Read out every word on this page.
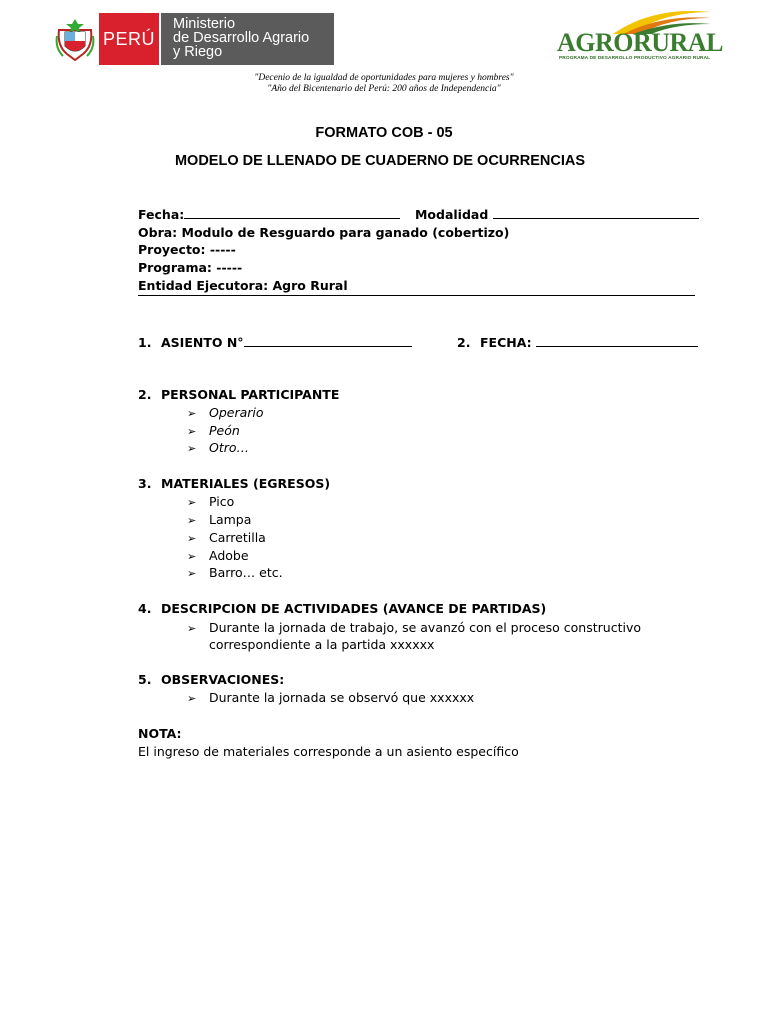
PERÚ
Ministerio
de Desarrollo Agrario
y Riego	AGRORURAL
PROGRAMA DE DESARROLLO PRODUCTIVO AGRARIO RURAL
"Decenio de la igualdad de oportunidades para mujeres y hombres"
"Año del Bicentenario del Perú: 200 años de Independencia"
FORMATO COB - 05
MODELO DE LLENADO DE CUADERNO DE OCURRENCIAS
Fecha:	Modalidad
Obra: Modulo de Resguardo para ganado (cobertizo)
Proyecto: -----
Programa: -----
Entidad Ejecutora: Agro Rural
1. ASIENTO N°	2. FECHA:
2. PERSONAL PARTICIPANTE
➢ Operario
➢ Peón
➢ Otro…
3. MATERIALES (EGRESOS)
➢ Pico
➢ Lampa
➢ Carretilla
➢ Adobe
➢ Barro… etc.
4. DESCRIPCION DE ACTIVIDADES (AVANCE DE PARTIDAS)
➢ Durante la jornada de trabajo, se avanzó con el proceso constructivo
correspondiente a la partida xxxxxx
5. OBSERVACIONES:
➢ Durante la jornada se observó que xxxxxx
NOTA:
El ingreso de materiales corresponde a un asiento específico
